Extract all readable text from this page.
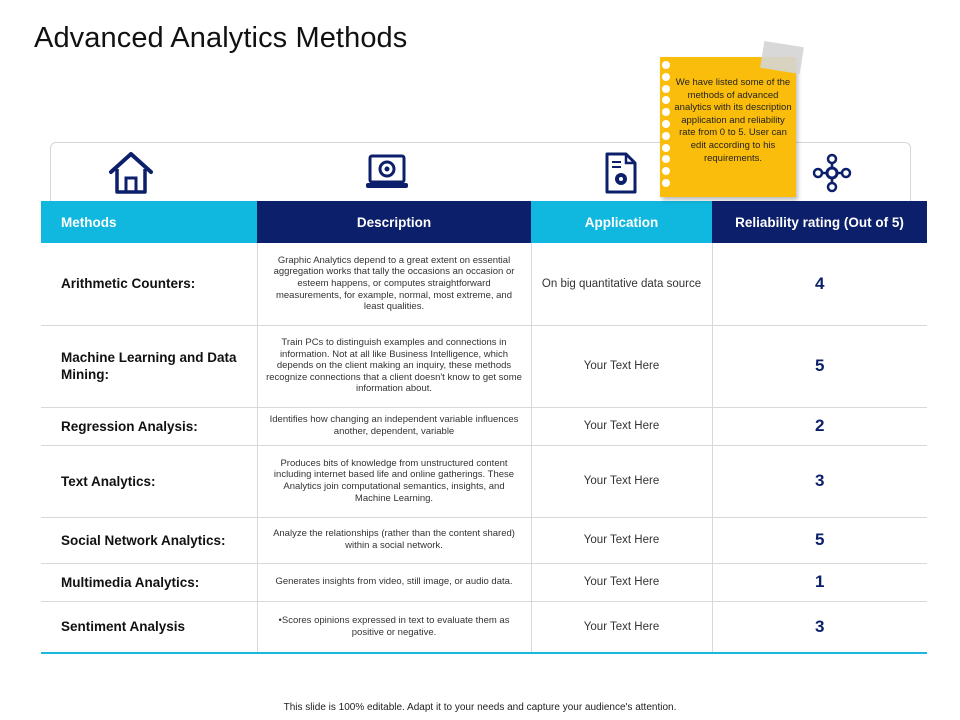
Advanced Analytics Methods
Methods	Description	Application	Reliability rating (Out of 5)
Arithmetic Counters:	Graphic Analytics depend to a great extent on essential aggregation works that tally the occasions an occasion or esteem happens, or computes straightforward measurements, for example, normal, most extreme, and least qualities.	On big quantitative data source	4
Machine Learning and Data Mining:	Train PCs to distinguish examples and connections in information. Not at all like Business Intelligence, which depends on the client making an inquiry, these methods recognize connections that a client doesn't know to get some information about.	Your Text Here	5
Regression Analysis:	Identifies how changing an independent variable influences another, dependent, variable	Your Text Here	2
Text Analytics:	Produces bits of knowledge from unstructured content including internet based life and online gatherings. These Analytics join computational semantics, insights, and Machine Learning.	Your Text Here	3
Social Network Analytics:	Analyze the relationships (rather than the content shared) within a social network.	Your Text Here	5
Multimedia Analytics:	Generates insights from video, still image, or audio data.	Your Text Here	1
Sentiment Analysis	•Scores opinions expressed in text to evaluate them as positive or negative.	Your Text Here	3
We have listed some of the methods of advanced analytics with its description application and reliability rate from 0 to 5. User can edit according to his requirements.
This slide is 100% editable. Adapt it to your needs and capture your audience's attention.
